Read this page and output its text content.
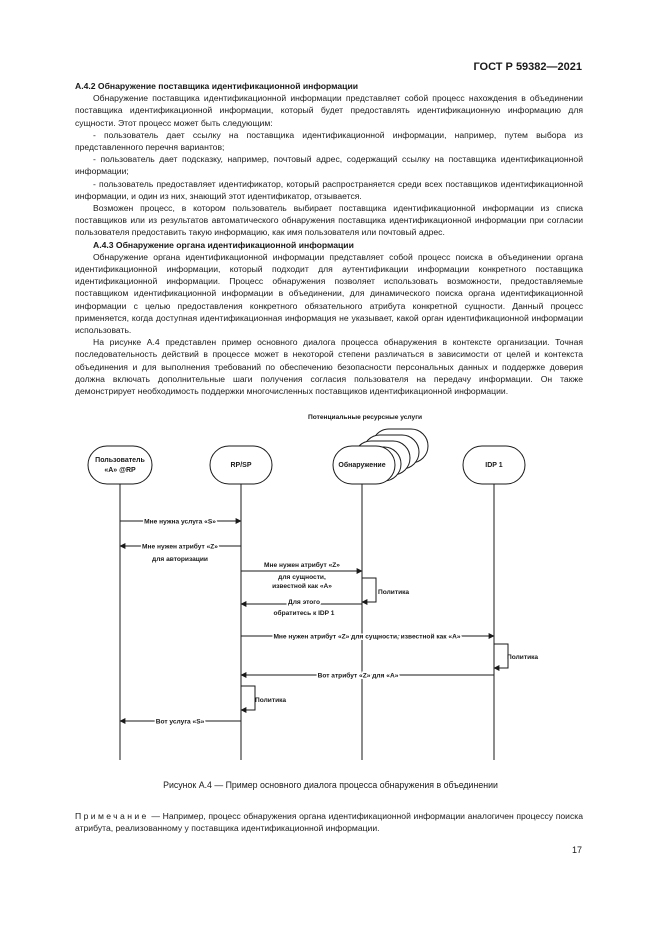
ГОСТ Р 59382—2021
А.4.2 Обнаружение поставщика идентификационной информации

Обнаружение поставщика идентификационной информации представляет собой процесс нахождения в объединении поставщика идентификационной информации, который будет предоставлять идентификационную информацию для сущности. Этот процесс может быть следующим:

- пользователь дает ссылку на поставщика идентификационной информации, например, путем выбора из представленного перечня вариантов;

- пользователь дает подсказку, например, почтовый адрес, содержащий ссылку на поставщика идентификационной информации;

- пользователь предоставляет идентификатор, который распространяется среди всех поставщиков идентификационной информации, и один из них, знающий этот идентификатор, отзывается.

Возможен процесс, в котором пользователь выбирает поставщика идентификационной информации из списка поставщиков или из результатов автоматического обнаружения поставщика идентификационной информации при согласии пользователя предоставить такую информацию, как имя пользователя или почтовый адрес.

А.4.3 Обнаружение органа идентификационной информации

Обнаружение органа идентификационной информации представляет собой процесс поиска в объединении органа идентификационной информации, который подходит для аутентификации информации конкретного поставщика идентификационной информации. Процесс обнаружения позволяет использовать возможности, предоставляемые поставщиком идентификационной информации в объединении, для динамического поиска органа идентификационной информации с целью предоставления конкретного обязательного атрибута конкретной сущности. Данный процесс применяется, когда доступная идентификационная информация не указывает, какой орган идентификационной информации использовать.

На рисунке А.4 представлен пример основного диалога процесса обнаружения в контексте организации. Точная последовательность действий в процессе может в некоторой степени различаться в зависимости от целей и контекста объединения и для выполнения требований по обеспечению безопасности персональных данных и поддержке доверия должна включать дополнительные шаги получения согласия пользователя на передачу информации. Он также демонстрирует необходимость поддержки многочисленных поставщиков идентификационной информации.

Потенциальные ресурсные услуги
Пользователь
«А» @RP
RP/SP	Обнаружение	IDP 1
Мне нужна услуга «S»
Мне нужен атрибут «Z»
для авторизации
Мне нужен атрибут «Z»
для сущности,
известной как «А»
Политика
Для этого
обратитесь к IDP 1
Мне нужен атрибут «Z» для сущности, известной как «А»
Политика
Вот атрибут «Z» для «А»
Политика
Вот услуга «S»
Рисунок А.4 — Пример основного диалога процесса обнаружения в объединении
Примечание — Например, процесс обнаружения органа идентификационной информации аналогичен процессу поиска атрибута, реализованному у поставщика идентификационной информации.
17
